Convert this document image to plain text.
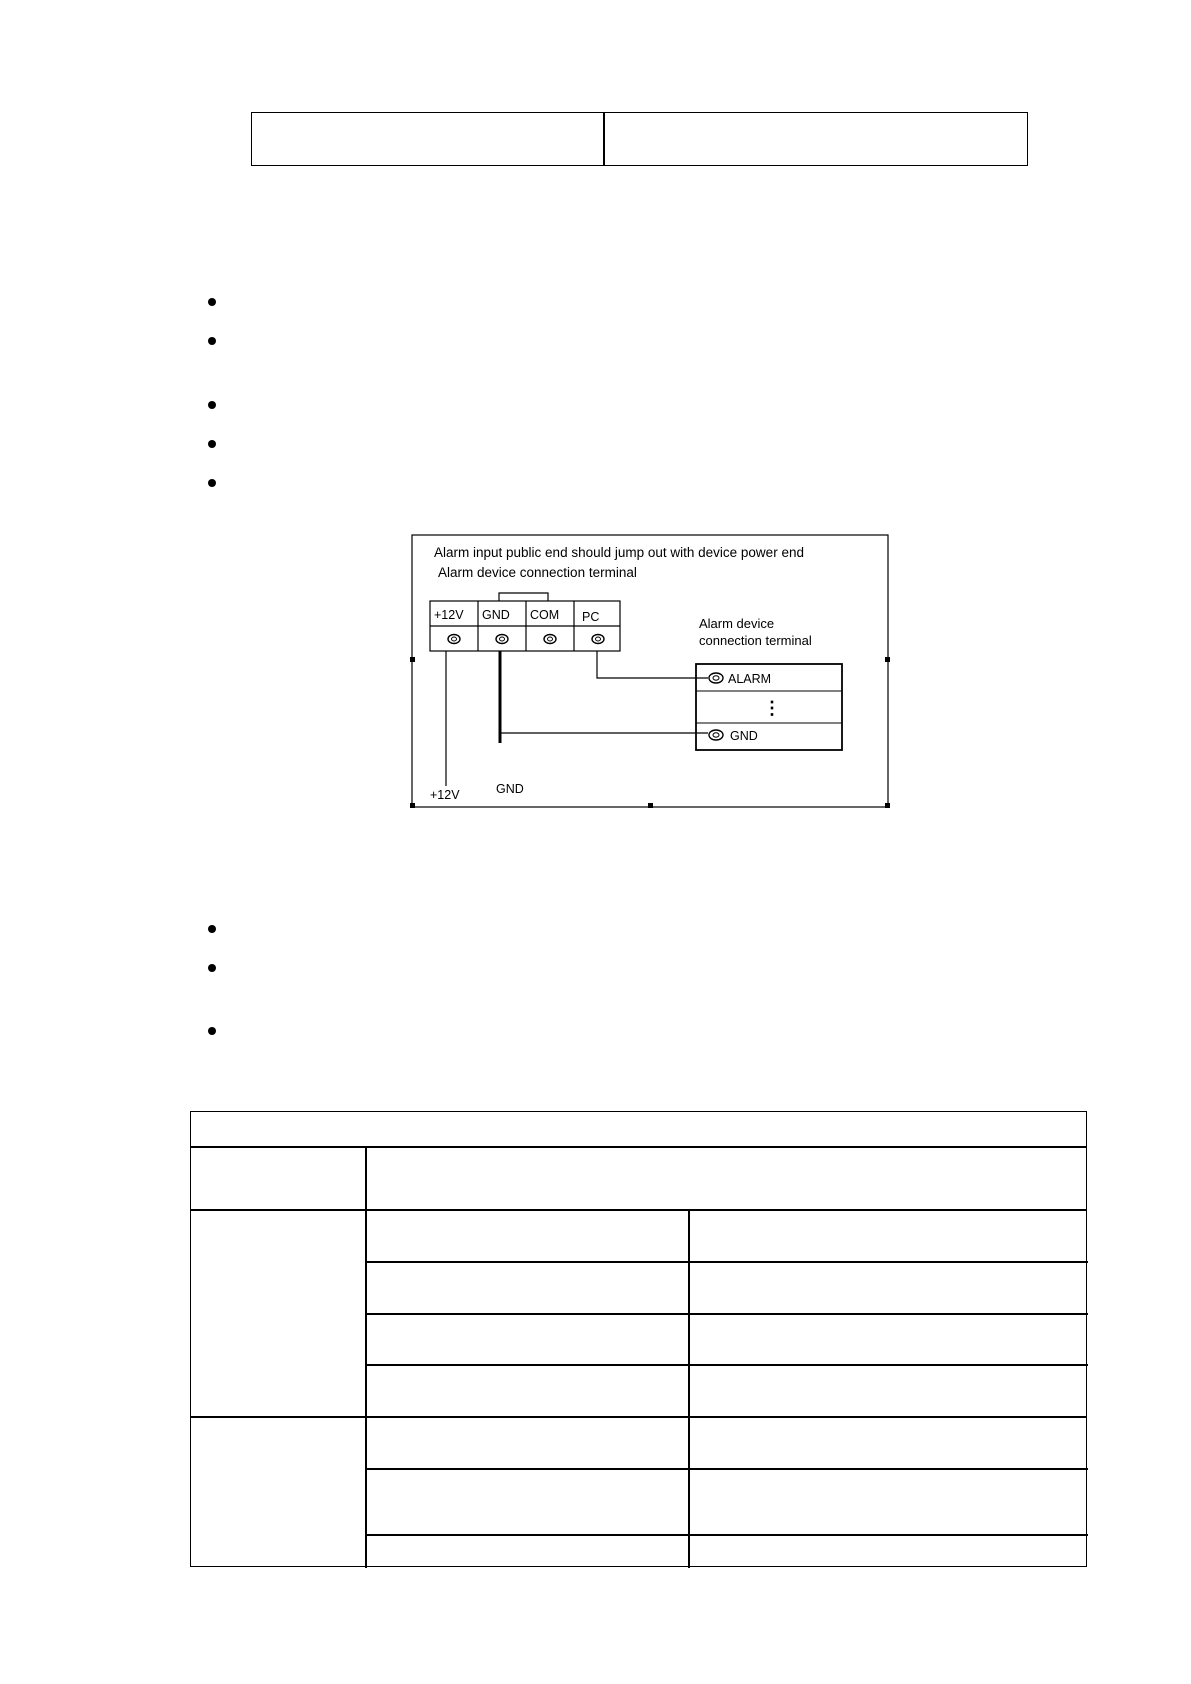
Alarm input public end should jump out with device power end
Alarm device connection terminal
+12V GND COM PC	Alarm device
connection terminal
ALARM
⋮
GND
+12V	GND
